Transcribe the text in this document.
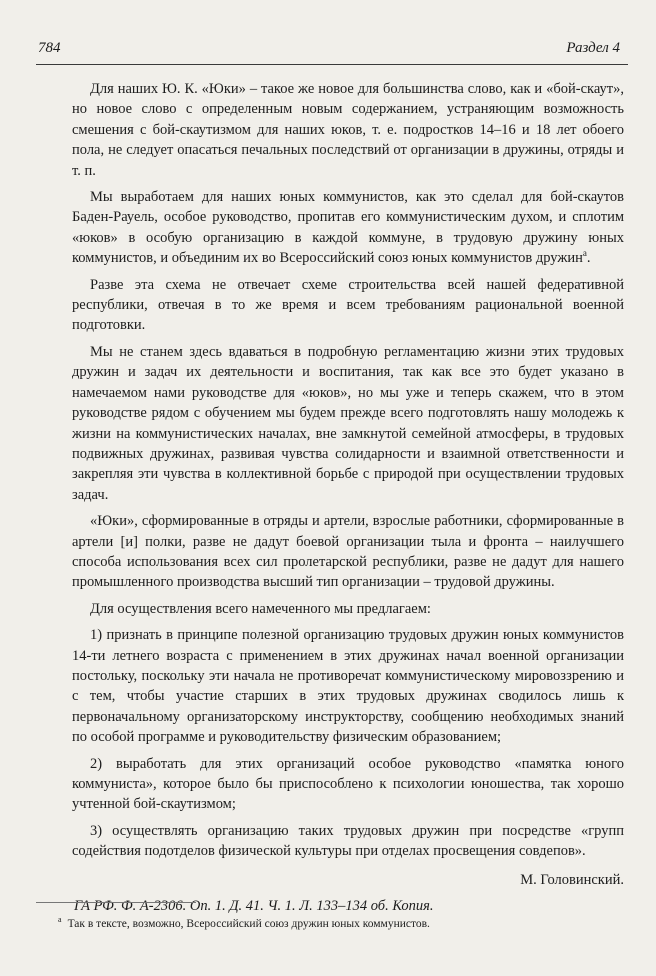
784	Раздел 4

Для наших Ю. К. «Юки» – такое же новое для большинства слово, как и «бой-скаут», но новое слово с определенным новым содержанием, устраняющим возможность смешения с бой-скаутизмом для наших юков, т. е. подростков 14–16 и 18 лет обоего пола, не следует опасаться печальных последствий от организации в дружины, отряды и т. п.

Мы выработаем для наших юных коммунистов, как это сделал для бой-скаутов Баден-Рауель, особое руководство, пропитав его коммунистическим духом, и сплотим «юков» в особую организацию в каждой коммуне, в трудовую дружину юных коммунистов, и объединим их во Всероссийский союз юных коммунистов дружин$^а$.

Разве эта схема не отвечает схеме строительства всей нашей федеративной республики, отвечая в то же время и всем требованиям рациональной военной подготовки.

Мы не станем здесь вдаваться в подробную регламентацию жизни этих трудовых дружин и задач их деятельности и воспитания, так как все это будет указано в намечаемом нами руководстве для «юков», но мы уже и теперь скажем, что в этом руководстве рядом с обучением мы будем прежде всего подготовлять нашу молодежь к жизни на коммунистических началах, вне замкнутой семейной атмосферы, в трудовых подвижных дружинах, развивая чувства солидарности и взаимной ответственности и закрепляя эти чувства в коллективной борьбе с природой при осуществлении трудовых задач.

«Юки», сформированные в отряды и артели, взрослые работники, сформированные в артели [и] полки, разве не дадут боевой организации тыла и фронта – наилучшего способа использования всех сил пролетарской республики, разве не дадут для нашего промышленного производства высший тип организации – трудовой дружины.

Для осуществления всего намеченного мы предлагаем:

1) признать в принципе полезной организацию трудовых дружин юных коммунистов 14-ти летнего возраста с применением в этих дружинах начал военной организации постольку, поскольку эти начала не противоречат коммунистическому мировоззрению и с тем, чтобы участие старших в этих трудовых дружинах сводилось лишь к первоначальному организаторскому инструкторству, сообщению необходимых знаний по особой программе и руководительству физическим образованием;

2) выработать для этих организаций особое руководство «памятка юного коммуниста», которое было бы приспособлено к психологии юношества, так хорошо учтенной бой-скаутизмом;

3) осуществлять организацию таких трудовых дружин при посредстве «групп содействия подотделов физической культуры при отделах просвещения совдепов».

М. Головинский.

ГА РФ. Ф. А-2306. Оп. 1. Д. 41. Ч. 1. Л. 133–134 об. Копия.

$^а$ Так в тексте, возможно, Всероссийский союз дружин юных коммунистов.
